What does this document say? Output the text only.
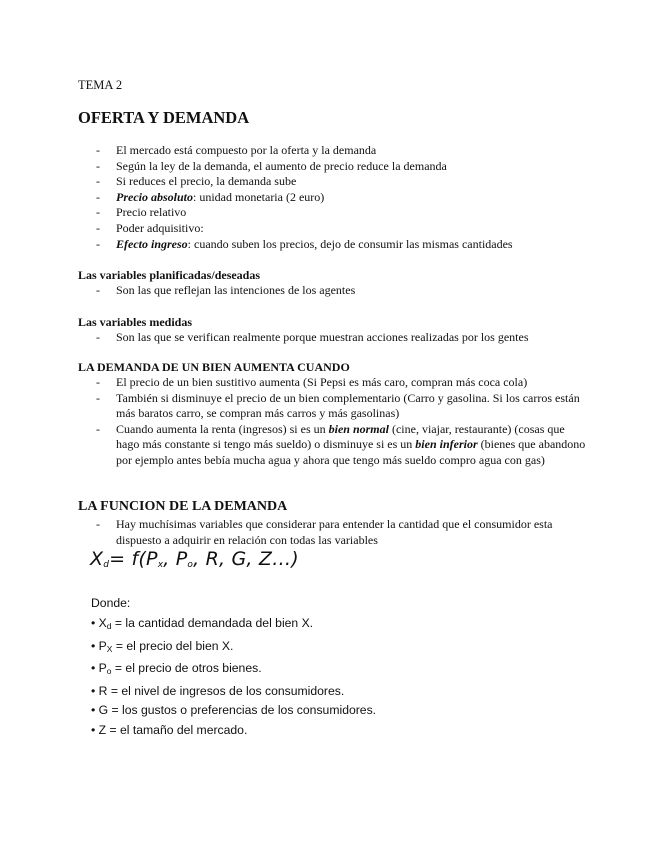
TEMA 2

OFERTA Y DEMANDA

- El mercado está compuesto por la oferta y la demanda
- Según la ley de la demanda, el aumento de precio reduce la demanda
- Si reduces el precio, la demanda sube
- Precio absoluto: unidad monetaria (2 euro)
- Precio relativo
- Poder adquisitivo:
- Efecto ingreso: cuando suben los precios, dejo de consumir las mismas cantidades

Las variables planificadas/deseadas

- Son las que reflejan las intenciones de los agentes

Las variables medidas

- Son las que se verifican realmente porque muestran acciones realizadas por los gentes

LA DEMANDA DE UN BIEN AUMENTA CUANDO

- El precio de un bien sustitivo aumenta (Si Pepsi es más caro, compran más coca cola)
- También si disminuye el precio de un bien complementario (Carro y gasolina. Si los carros están más baratos carro, se compran más carros y más gasolinas)
- Cuando aumenta la renta (ingresos) si es un bien normal (cine, viajar, restaurante) (cosas que hago más constante si tengo más sueldo) o disminuye si es un bien inferior (bienes que abandono por ejemplo antes bebía mucha agua y ahora que tengo más sueldo compro agua con gas)

LA FUNCION DE LA DEMANDA

- Hay muchísimas variables que considerar para entender la cantidad que el consumidor esta dispuesto a adquirir en relación con todas las variables
$X_d= f(P_x$, $P_o$, R, G, Z…)

Donde:

• $X_d$ = la cantidad demandada del bien X.
• $P_X$ = el precio del bien X.
• $P_o$ = el precio de otros bienes.
• R = el nivel de ingresos de los consumidores.
• G = los gustos o preferencias de los consumidores.
• Z = el tamaño del mercado.
